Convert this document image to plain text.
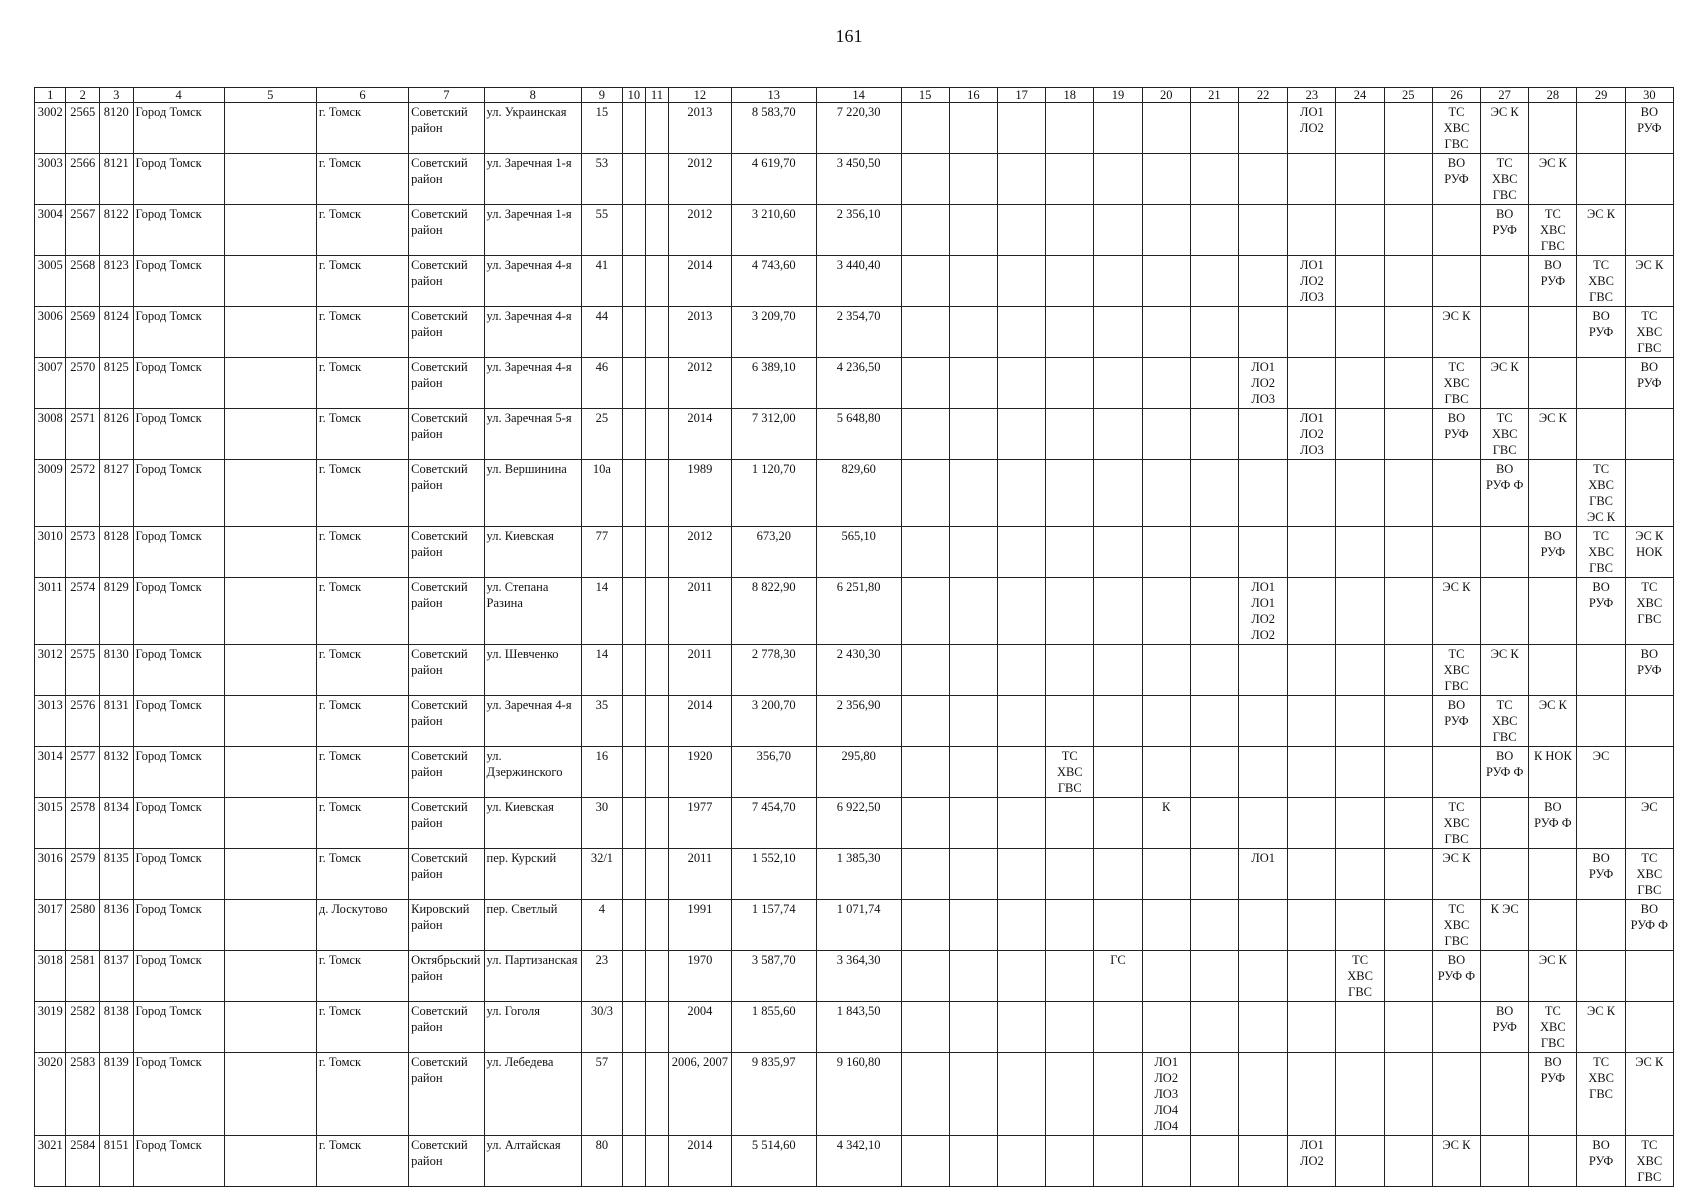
161
1	2	3	4	5	6	7	8	9	10	11	12	13	14	15	16	17	18	19	20	21	22	23	24	25	26	27	28	29	30
3002	2565	8120	Город Томск		г. Томск	Советский район	ул. Украинская	15			2013	8 583,70	7 220,30									ЛО1
ЛО2			ТС
ХВС
ГВС	ЭС К			ВО
РУФ

3003	2566	8121	Город Томск		г. Томск	Советский район	ул. Заречная 1-я	53			2012	4 619,70	3 450,50												ВО
РУФ	ТС
ХВС
ГВС	ЭС К		

3004	2567	8122	Город Томск		г. Томск	Советский район	ул. Заречная 1-я	55			2012	3 210,60	2 356,10													ВО
РУФ	ТС
ХВС
ГВС	ЭС К	

3005	2568	8123	Город Томск		г. Томск	Советский район	ул. Заречная 4-я	41			2014	4 743,60	3 440,40									ЛО1
ЛО2
ЛО3					ВО
РУФ	ТС
ХВС
ГВС	ЭС К

3006	2569	8124	Город Томск		г. Томск	Советский район	ул. Заречная 4-я	44			2013	3 209,70	2 354,70												ЭС К			ВО
РУФ	ТС
ХВС
ГВС

3007	2570	8125	Город Томск		г. Томск	Советский район	ул. Заречная 4-я	46			2012	6 389,10	4 236,50								ЛО1
ЛО2
ЛО3				ТС
ХВС
ГВС	ЭС К			ВО
РУФ

3008	2571	8126	Город Томск		г. Томск	Советский район	ул. Заречная 5-я	25			2014	7 312,00	5 648,80									ЛО1
ЛО2
ЛО3			ВО
РУФ	ТС
ХВС
ГВС	ЭС К		

3009	2572	8127	Город Томск		г. Томск	Советский район	ул. Вершинина	10а			1989	1 120,70	829,60													ВО
РУФ Ф		ТС
ХВС
ГВС
ЭС К	

3010	2573	8128	Город Томск		г. Томск	Советский район	ул. Киевская	77			2012	673,20	565,10														ВО
РУФ	ТС
ХВС
ГВС	ЭС К
НОК

3011	2574	8129	Город Томск		г. Томск	Советский район	ул. Степана Разина	14			2011	8 822,90	6 251,80								ЛО1
ЛО1
ЛО2
ЛО2				ЭС К			ВО
РУФ	ТС
ХВС
ГВС

3012	2575	8130	Город Томск		г. Томск	Советский район	ул. Шевченко	14			2011	2 778,30	2 430,30												ТС
ХВС
ГВС	ЭС К			ВО
РУФ

3013	2576	8131	Город Томск		г. Томск	Советский район	ул. Заречная 4-я	35			2014	3 200,70	2 356,90												ВО
РУФ	ТС
ХВС
ГВС	ЭС К		

3014	2577	8132	Город Томск		г. Томск	Советский район	ул. Дзержинского	16			1920	356,70	295,80				ТС
ХВС
ГВС									ВО
РУФ Ф	К НОК	ЭС	

3015	2578	8134	Город Томск		г. Томск	Советский район	ул. Киевская	30			1977	7 454,70	6 922,50						К						ТС
ХВС
ГВС		ВО
РУФ Ф		ЭС

3016	2579	8135	Город Томск		г. Томск	Советский район	пер. Курский	32/1			2011	1 552,10	1 385,30								ЛО1				ЭС К			ВО
РУФ	ТС
ХВС
ГВС

3017	2580	8136	Город Томск		д. Лоскутово	Кировский район	пер. Светлый	4			1991	1 157,74	1 071,74												ТС
ХВС
ГВС	К ЭС			ВО
РУФ Ф

3018	2581	8137	Город Томск		г. Томск	Октябрьский район	ул. Партизанская	23			1970	3 587,70	3 364,30					ГС					ТС
ХВС
ГВС		ВО
РУФ Ф		ЭС К		

3019	2582	8138	Город Томск		г. Томск	Советский район	ул. Гоголя	30/3			2004	1 855,60	1 843,50													ВО
РУФ	ТС
ХВС
ГВС	ЭС К	

3020	2583	8139	Город Томск		г. Томск	Советский район	ул. Лебедева	57			2006, 2007	9 835,97	9 160,80						ЛО1
ЛО2
ЛО3
ЛО4
ЛО4								ВО
РУФ	ТС
ХВС
ГВС	ЭС К

3021	2584	8151	Город Томск		г. Томск	Советский район	ул. Алтайская	80			2014	5 514,60	4 342,10									ЛО1
ЛО2			ЭС К			ВО
РУФ	ТС
ХВС
ГВС
